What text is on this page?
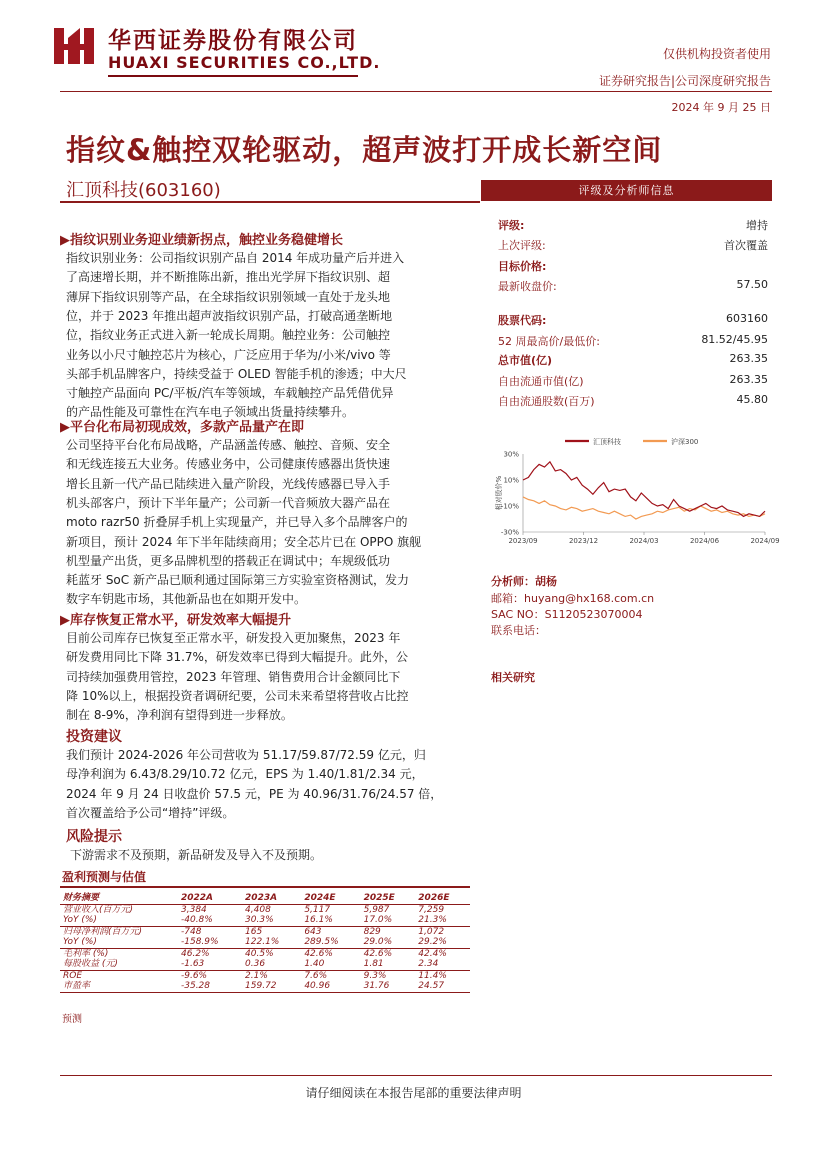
华西证券股份有限公司
HUAXI SECURITIES CO.,LTD.	仅供机构投资者使用
证券研究报告|公司深度研究报告
2024 年 9 月 25 日
指纹&触控双轮驱动，超声波打开成长新空间
汇顶科技(603160)	评级及分析师信息
评级:	增持
上次评级:	首次覆盖
目标价格:
最新收盘价:	57.50
股票代码:	603160
52 周最高价/最低价:	81.52/45.95
总市值(亿)	263.35
自由流通市值(亿)	263.35
自由流通股数(百万)	45.80
汇顶科技	沪深300
30%
10%
-10%
-30%
相对股价%
2023/09	2023/12	2024/03	2024/06	2024/09
分析师：胡杨
邮箱：huyang@hx168.com.cn
SAC NO：S1120523070004
联系电话：
相关研究
▶指纹识别业务迎业绩新拐点，触控业务稳健增长
指纹识别业务：公司指纹识别产品自 2014 年成功量产后并进入
了高速增长期，并不断推陈出新，推出光学屏下指纹识别、超
薄屏下指纹识别等产品，在全球指纹识别领域一直处于龙头地
位，并于 2023 年推出超声波指纹识别产品，打破高通垄断地
位，指纹业务正式进入新一轮成长周期。触控业务：公司触控
业务以小尺寸触控芯片为核心，广泛应用于华为/小米/vivo 等
头部手机品牌客户，持续受益于 OLED 智能手机的渗透；中大尺
寸触控产品面向 PC/平板/汽车等领域，车载触控产品凭借优异
的产品性能及可靠性在汽车电子领域出货量持续攀升。
▶平台化布局初现成效，多款产品量产在即
公司坚持平台化布局战略，产品涵盖传感、触控、音频、安全
和无线连接五大业务。传感业务中，公司健康传感器出货快速
增长且新一代产品已陆续进入量产阶段，光线传感器已导入手
机头部客户，预计下半年量产；公司新一代音频放大器产品在
moto razr50 折叠屏手机上实现量产，并已导入多个品牌客户的
新项目，预计 2024 年下半年陆续商用；安全芯片已在 OPPO 旗舰
机型量产出货，更多品牌机型的搭载正在调试中；车规级低功
耗蓝牙 SoC 新产品已顺利通过国际第三方实验室资格测试，发力
数字车钥匙市场，其他新品也在如期开发中。
▶库存恢复正常水平，研发效率大幅提升
目前公司库存已恢复至正常水平，研发投入更加聚焦，2023 年
研发费用同比下降 31.7%，研发效率已得到大幅提升。此外，公
司持续加强费用管控，2023 年管理、销售费用合计金额同比下
降 10%以上，根据投资者调研纪要，公司未来希望将营收占比控
制在 8-9%，净利润有望得到进一步释放。
投资建议
我们预计 2024-2026 年公司营收为 51.17/59.87/72.59 亿元，归
母净利润为 6.43/8.29/10.72 亿元，EPS 为 1.40/1.81/2.34 元，
2024 年 9 月 24 日收盘价 57.5 元，PE 为 40.96/31.76/24.57 倍，
首次覆盖给予公司“增持”评级。
风险提示
下游需求不及预期，新品研发及导入不及预期。
盈利预测与估值
财务摘要	2022A	2023A	2024E	2025E	2026E
营业收入(百万元)	3,384	4,408	5,117	5,987	7,259
YoY (%)	-40.8%	30.3%	16.1%	17.0%	21.3%
归母净利润(百万元)	-748	165	643	829	1,072
YoY (%)	-158.9%	122.1%	289.5%	29.0%	29.2%
毛利率 (%)	46.2%	40.5%	42.6%	42.6%	42.4%
每股收益 (元)	-1.63	0.36	1.40	1.81	2.34
ROE	-9.6%	2.1%	7.6%	9.3%	11.4%
市盈率	-35.28	159.72	40.96	31.76	24.57
预测
请仔细阅读在本报告尾部的重要法律声明
